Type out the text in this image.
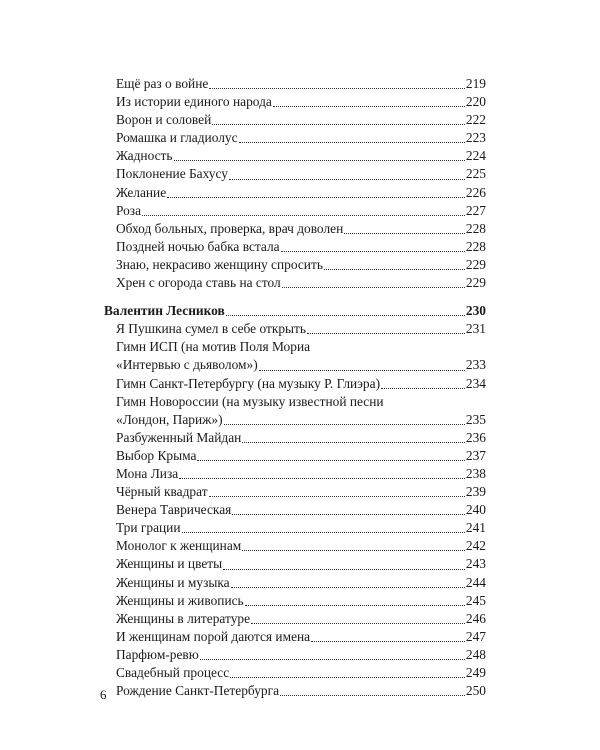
Ещё раз о войне	219
Из истории единого народа	220
Ворон и соловей	222
Ромашка и гладиолус	223
Жадность	224
Поклонение Бахусу	225
Желание	226
Роза	227
Обход больных, проверка, врач доволен	228
Поздней ночью бабка встала	228
Знаю, некрасиво женщину спросить	229
Хрен с огорода ставь на стол	229
Валентин Лесников	230
Я Пушкина сумел в себе открыть	231
Гимн ИСП (на мотив Поля Мориа
«Интервью с дьяволом»)	233
Гимн Санкт-Петербургу (на музыку Р. Глиэра)	234
Гимн Новороссии (на музыку известной песни
«Лондон, Париж»)	235
Разбуженный Майдан	236
Выбор Крыма	237
Мона Лиза	238
Чёрный квадрат	239
Венера Таврическая	240
Три грации	241
Монолог к женщинам	242
Женщины и цветы	243
Женщины и музыка	244
Женщины и живопись	245
Женщины в литературе	246
И женщинам порой даются имена	247
Парфюм-ревю	248
Свадебный процесс	249
Рождение Санкт-Петербурга	250
6
